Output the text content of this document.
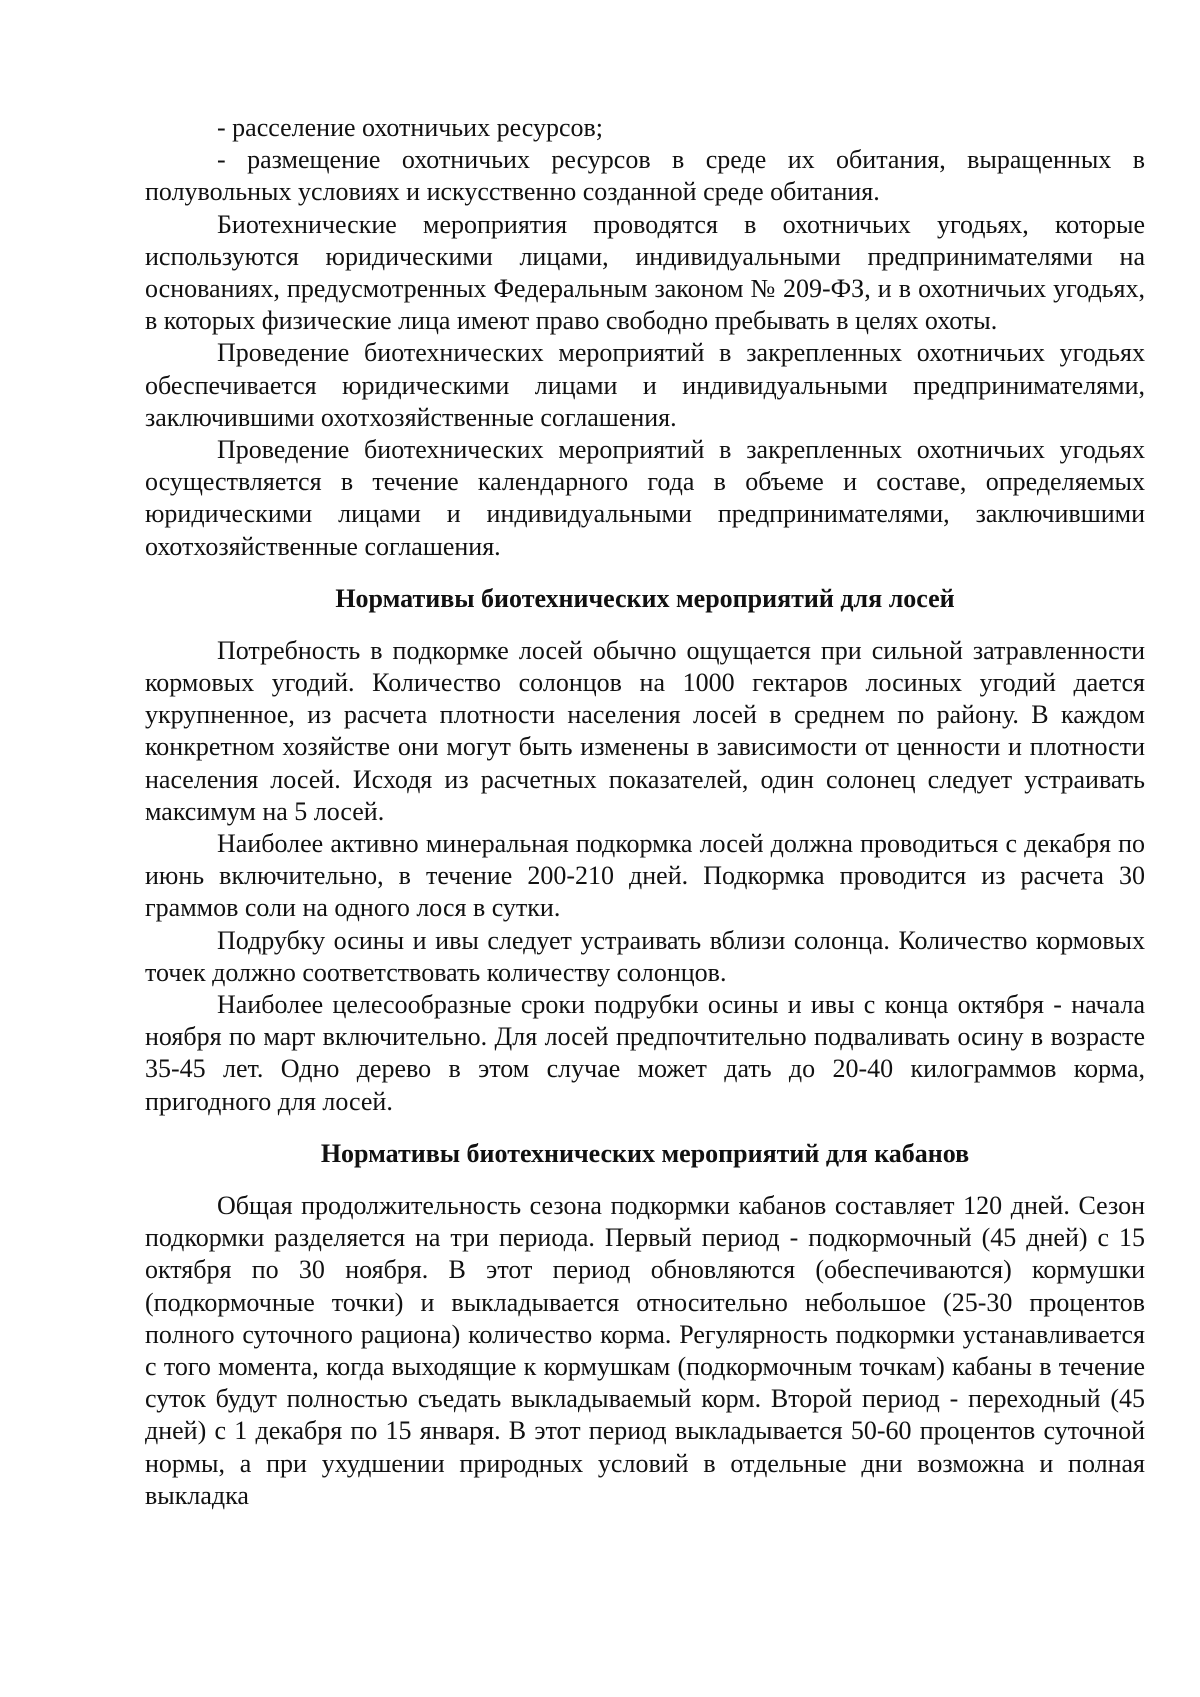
- расселение охотничьих ресурсов;

- размещение охотничьих ресурсов в среде их обитания, выращенных в полувольных условиях и искусственно созданной среде обитания.

Биотехнические мероприятия проводятся в охотничьих угодьях, которые используются юридическими лицами, индивидуальными предпринимателями на основаниях, предусмотренных Федеральным законом № 209-ФЗ, и в охотничьих угодьях, в которых физические лица имеют право свободно пребывать в целях охоты.

Проведение биотехнических мероприятий в закрепленных охотничьих угодьях обеспечивается юридическими лицами и индивидуальными предпринимателями, заключившими охотхозяйственные соглашения.

Проведение биотехнических мероприятий в закрепленных охотничьих угодьях осуществляется в течение календарного года в объеме и составе, определяемых юридическими лицами и индивидуальными предпринимателями, заключившими охотхозяйственные соглашения.

Нормативы биотехнических мероприятий для лосей

Потребность в подкормке лосей обычно ощущается при сильной затравленности кормовых угодий. Количество солонцов на 1000 гектаров лосиных угодий дается укрупненное, из расчета плотности населения лосей в среднем по району. В каждом конкретном хозяйстве они могут быть изменены в зависимости от ценности и плотности населения лосей. Исходя из расчетных показателей, один солонец следует устраивать максимум на 5 лосей.

Наиболее активно минеральная подкормка лосей должна проводиться с декабря по июнь включительно, в течение 200-210 дней. Подкормка проводится из расчета 30 граммов соли на одного лося в сутки.

Подрубку осины и ивы следует устраивать вблизи солонца. Количество кормовых точек должно соответствовать количеству солонцов.

Наиболее целесообразные сроки подрубки осины и ивы с конца октября - начала ноября по март включительно. Для лосей предпочтительно подваливать осину в возрасте 35-45 лет. Одно дерево в этом случае может дать до 20-40 килограммов корма, пригодного для лосей.

Нормативы биотехнических мероприятий для кабанов

Общая продолжительность сезона подкормки кабанов составляет 120 дней. Сезон подкормки разделяется на три периода. Первый период - подкормочный (45 дней) с 15 октября по 30 ноября. В этот период обновляются (обеспечиваются) кормушки (подкормочные точки) и выкладывается относительно небольшое (25-30 процентов полного суточного рациона) количество корма. Регулярность подкормки устанавливается с того момента, когда выходящие к кормушкам (подкормочным точкам) кабаны в течение суток будут полностью съедать выкладываемый корм. Второй период - переходный (45 дней) с 1 декабря по 15 января. В этот период выкладывается 50-60 процентов суточной нормы, а при ухудшении природных условий в отдельные дни возможна и полная выкладка
